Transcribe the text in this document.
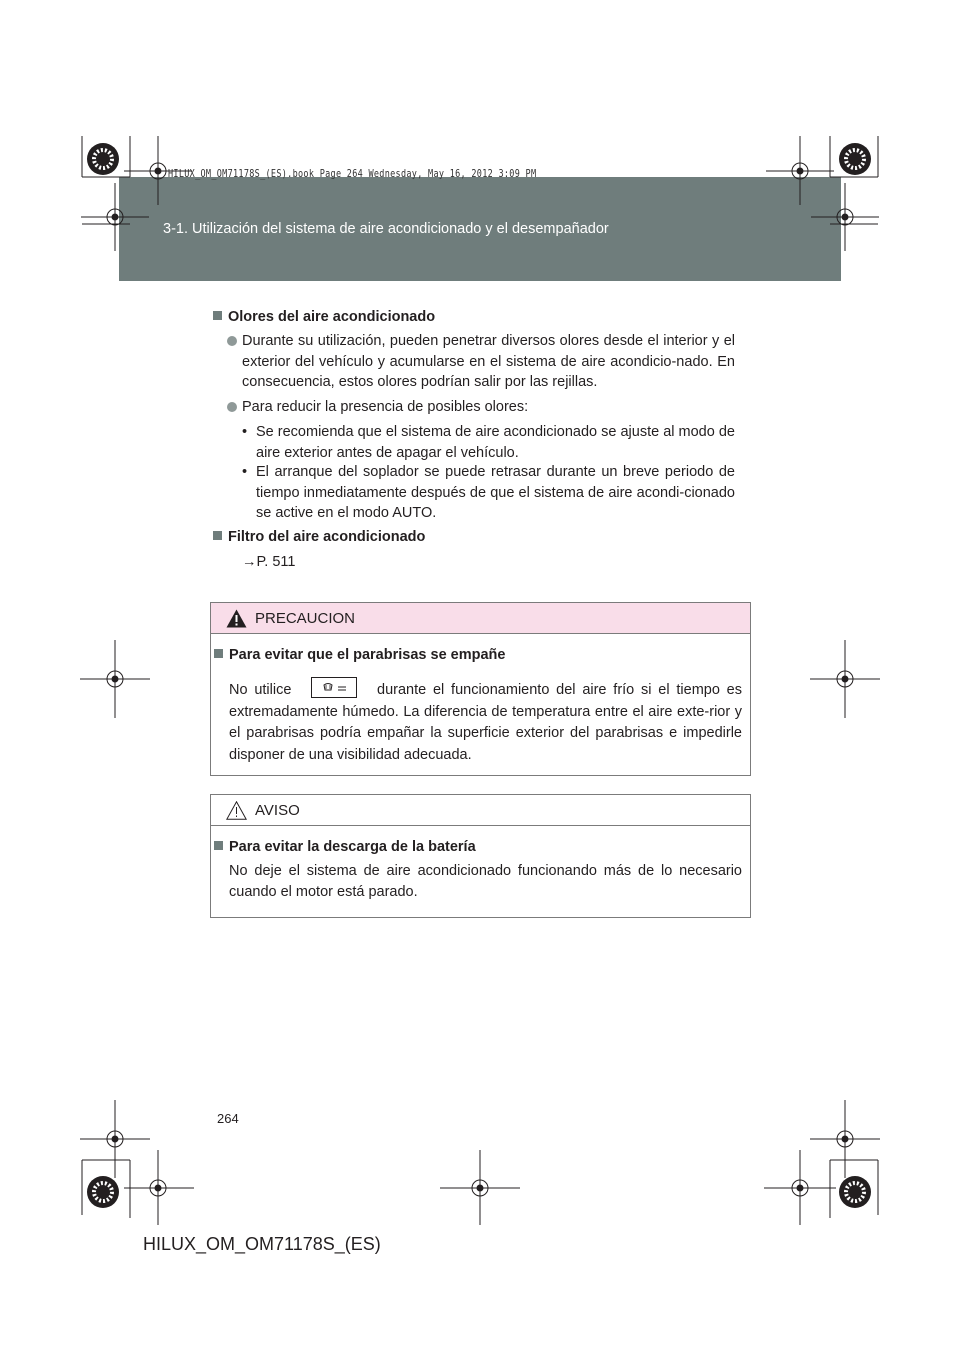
3-1. Utilización del sistema de aire acondicionado y el desempañador
HILUX_OM_OM71178S_(ES).book Page 264 Wednesday, May 16, 2012 3:09 PM
Olores del aire acondicionado
Durante su utilización, pueden penetrar diversos olores desde el interior y el exterior del vehículo y acumularse en el sistema de aire acondicio-nado. En consecuencia, estos olores podrían salir por las rejillas.
Para reducir la presencia de posibles olores:
• Se recomienda que el sistema de aire acondicionado se ajuste al modo de aire exterior antes de apagar el vehículo.
• El arranque del soplador se puede retrasar durante un breve periodo de tiempo inmediatamente después de que el sistema de aire acondi-cionado se active en el modo AUTO.
Filtro del aire acondicionado
→P. 511
PRECAUCION
Para evitar que el parabrisas se empañe
No utilice	durante el funcionamiento del aire frío si el tiempo es extremadamente húmedo. La diferencia de temperatura entre el aire exte-rior y el parabrisas podría empañar la superficie exterior del parabrisas e impedirle disponer de una visibilidad adecuada.
AVISO
Para evitar la descarga de la batería
No deje el sistema de aire acondicionado funcionando más de lo necesario cuando el motor está parado.
264
HILUX_OM_OM71178S_(ES)
